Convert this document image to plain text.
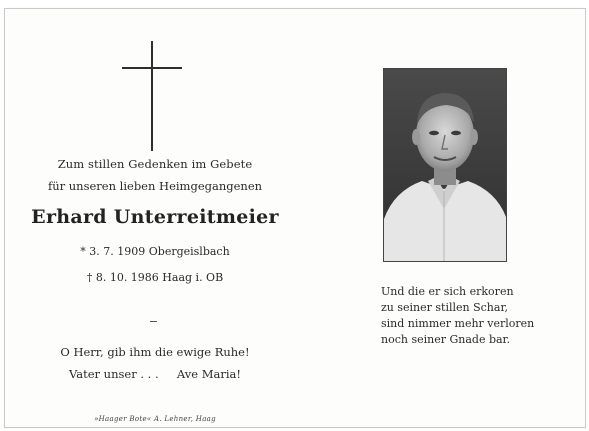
Zum stillen Gedenken im Gebete
für unseren lieben Heimgegangenen
Erhard Unterreitmeier
* 3. 7. 1909 Obergeislbach
† 8. 10. 1986 Haag i. OB
O Herr, gib ihm die ewige Ruhe!
Vater unser . . .     Ave Maria!
»Haager Bote« A. Lehner, Haag
Und die er sich erkoren
zu seiner stillen Schar,
sind nimmer mehr verloren
noch seiner Gnade bar.
